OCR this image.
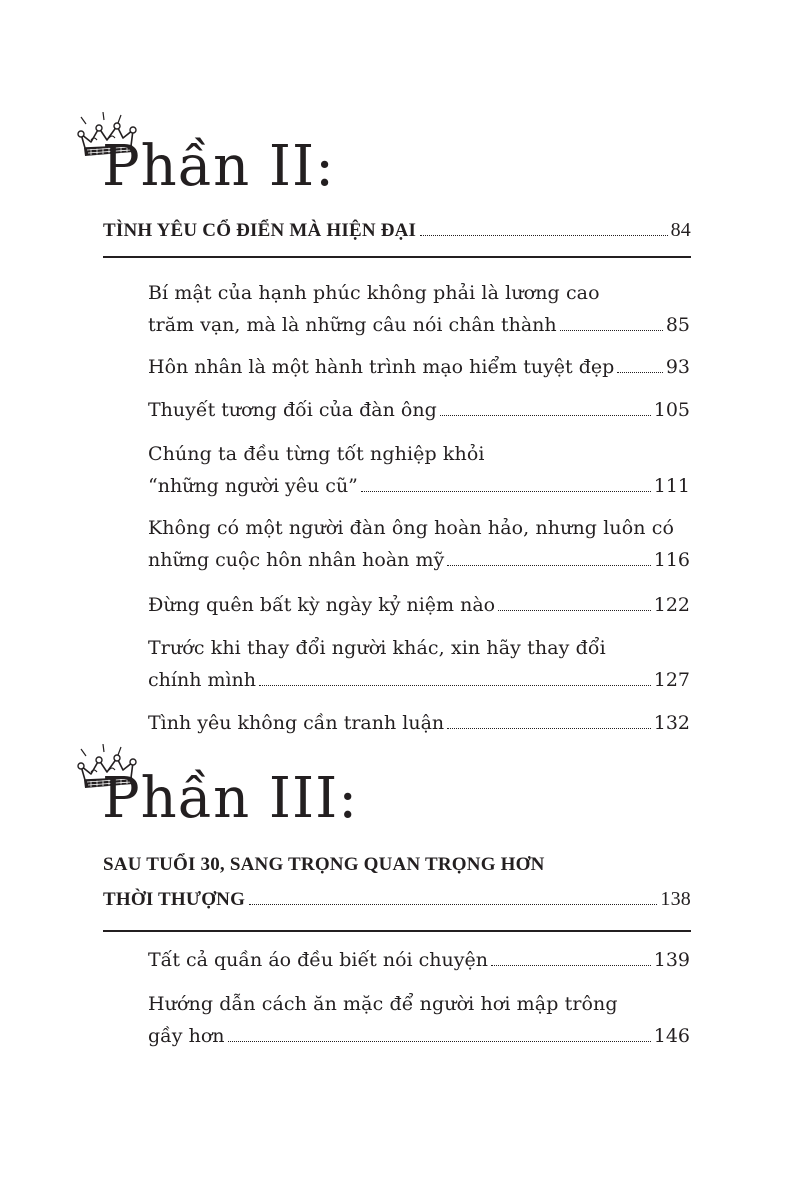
Phần II:
TÌNH YÊU CỔ ĐIỂN MÀ HIỆN ĐẠI	84
Bí mật của hạnh phúc không phải là lương cao
trăm vạn, mà là những câu nói chân thành	85
Hôn nhân là một hành trình mạo hiểm tuyệt đẹp	93
Thuyết tương đối của đàn ông	105
Chúng ta đều từng tốt nghiệp khỏi
“những người yêu cũ”	111
Không có một người đàn ông hoàn hảo, nhưng luôn có
những cuộc hôn nhân hoàn mỹ	116
Đừng quên bất kỳ ngày kỷ niệm nào	122
Trước khi thay đổi người khác, xin hãy thay đổi
chính mình	127
Tình yêu không cần tranh luận	132
Phần III:
SAU TUỔI 30, SANG TRỌNG QUAN TRỌNG HƠN
THỜI THƯỢNG	138
Tất cả quần áo đều biết nói chuyện	139
Hướng dẫn cách ăn mặc để người hơi mập trông
gầy hơn	146
